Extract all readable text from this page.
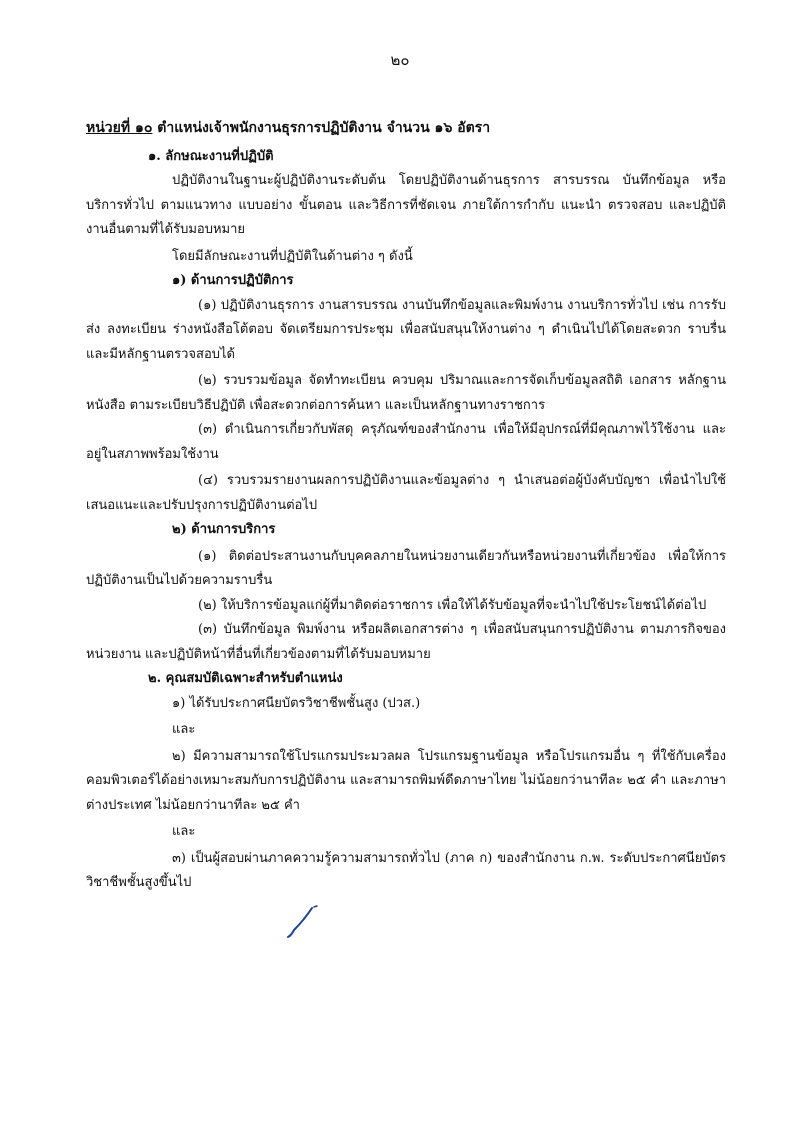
๒๐

หน่วยที่ ๑๐ ตำแหน่งเจ้าพนักงานธุรการปฏิบัติงาน จำนวน ๑๖ อัตรา

๑. ลักษณะงานที่ปฏิบัติ

ปฏิบัติงานในฐานะผู้ปฏิบัติงานระดับต้น โดยปฏิบัติงานด้านธุรการ สารบรรณ บันทึกข้อมูล หรือบริการทั่วไป ตามแนวทาง แบบอย่าง ขั้นตอน และวิธีการที่ชัดเจน ภายใต้การกำกับ แนะนำ ตรวจสอบ และปฏิบัติงานอื่นตามที่ได้รับมอบหมาย

โดยมีลักษณะงานที่ปฏิบัติในด้านต่าง ๆ ดังนี้

๑) ด้านการปฏิบัติการ

(๑) ปฏิบัติงานธุรการ งานสารบรรณ งานบันทึกข้อมูลและพิมพ์งาน งานบริการทั่วไป เช่น การรับส่ง ลงทะเบียน ร่างหนังสือโต้ตอบ จัดเตรียมการประชุม เพื่อสนับสนุนให้งานต่าง ๆ ดำเนินไปได้โดยสะดวก ราบรื่น และมีหลักฐานตรวจสอบได้

(๒) รวบรวมข้อมูล จัดทำทะเบียน ควบคุม ปริมาณและการจัดเก็บข้อมูลสถิติ เอกสาร หลักฐาน หนังสือ ตามระเบียบวิธีปฏิบัติ เพื่อสะดวกต่อการค้นหา และเป็นหลักฐานทางราชการ

(๓) ดำเนินการเกี่ยวกับพัสดุ ครุภัณฑ์ของสำนักงาน เพื่อให้มีอุปกรณ์ที่มีคุณภาพไว้ใช้งาน และอยู่ในสภาพพร้อมใช้งาน

(๔) รวบรวมรายงานผลการปฏิบัติงานและข้อมูลต่าง ๆ นำเสนอต่อผู้บังคับบัญชา เพื่อนำไปใช้เสนอแนะและปรับปรุงการปฏิบัติงานต่อไป

๒) ด้านการบริการ

(๑) ติดต่อประสานงานกับบุคคลภายในหน่วยงานเดียวกันหรือหน่วยงานที่เกี่ยวข้อง เพื่อให้การปฏิบัติงานเป็นไปด้วยความราบรื่น

(๒) ให้บริการข้อมูลแก่ผู้ที่มาติดต่อราชการ เพื่อให้ได้รับข้อมูลที่จะนำไปใช้ประโยชน์ได้ต่อไป

(๓) บันทึกข้อมูล พิมพ์งาน หรือผลิตเอกสารต่าง ๆ เพื่อสนับสนุนการปฏิบัติงาน ตามภารกิจของหน่วยงาน และปฏิบัติหน้าที่อื่นที่เกี่ยวข้องตามที่ได้รับมอบหมาย

๒. คุณสมบัติเฉพาะสำหรับตำแหน่ง

๑) ได้รับประกาศนียบัตรวิชาชีพชั้นสูง (ปวส.)

และ

๒) มีความสามารถใช้โปรแกรมประมวลผล โปรแกรมฐานข้อมูล หรือโปรแกรมอื่น ๆ ที่ใช้กับเครื่องคอมพิวเตอร์ได้อย่างเหมาะสมกับการปฏิบัติงาน และสามารถพิมพ์ดีดภาษาไทย ไม่น้อยกว่านาทีละ ๒๕ คำ และภาษาต่างประเทศ ไม่น้อยกว่านาทีละ ๒๕ คำ

และ

๓) เป็นผู้สอบผ่านภาคความรู้ความสามารถทั่วไป (ภาค ก) ของสำนักงาน ก.พ. ระดับประกาศนียบัตรวิชาชีพชั้นสูงขึ้นไป
